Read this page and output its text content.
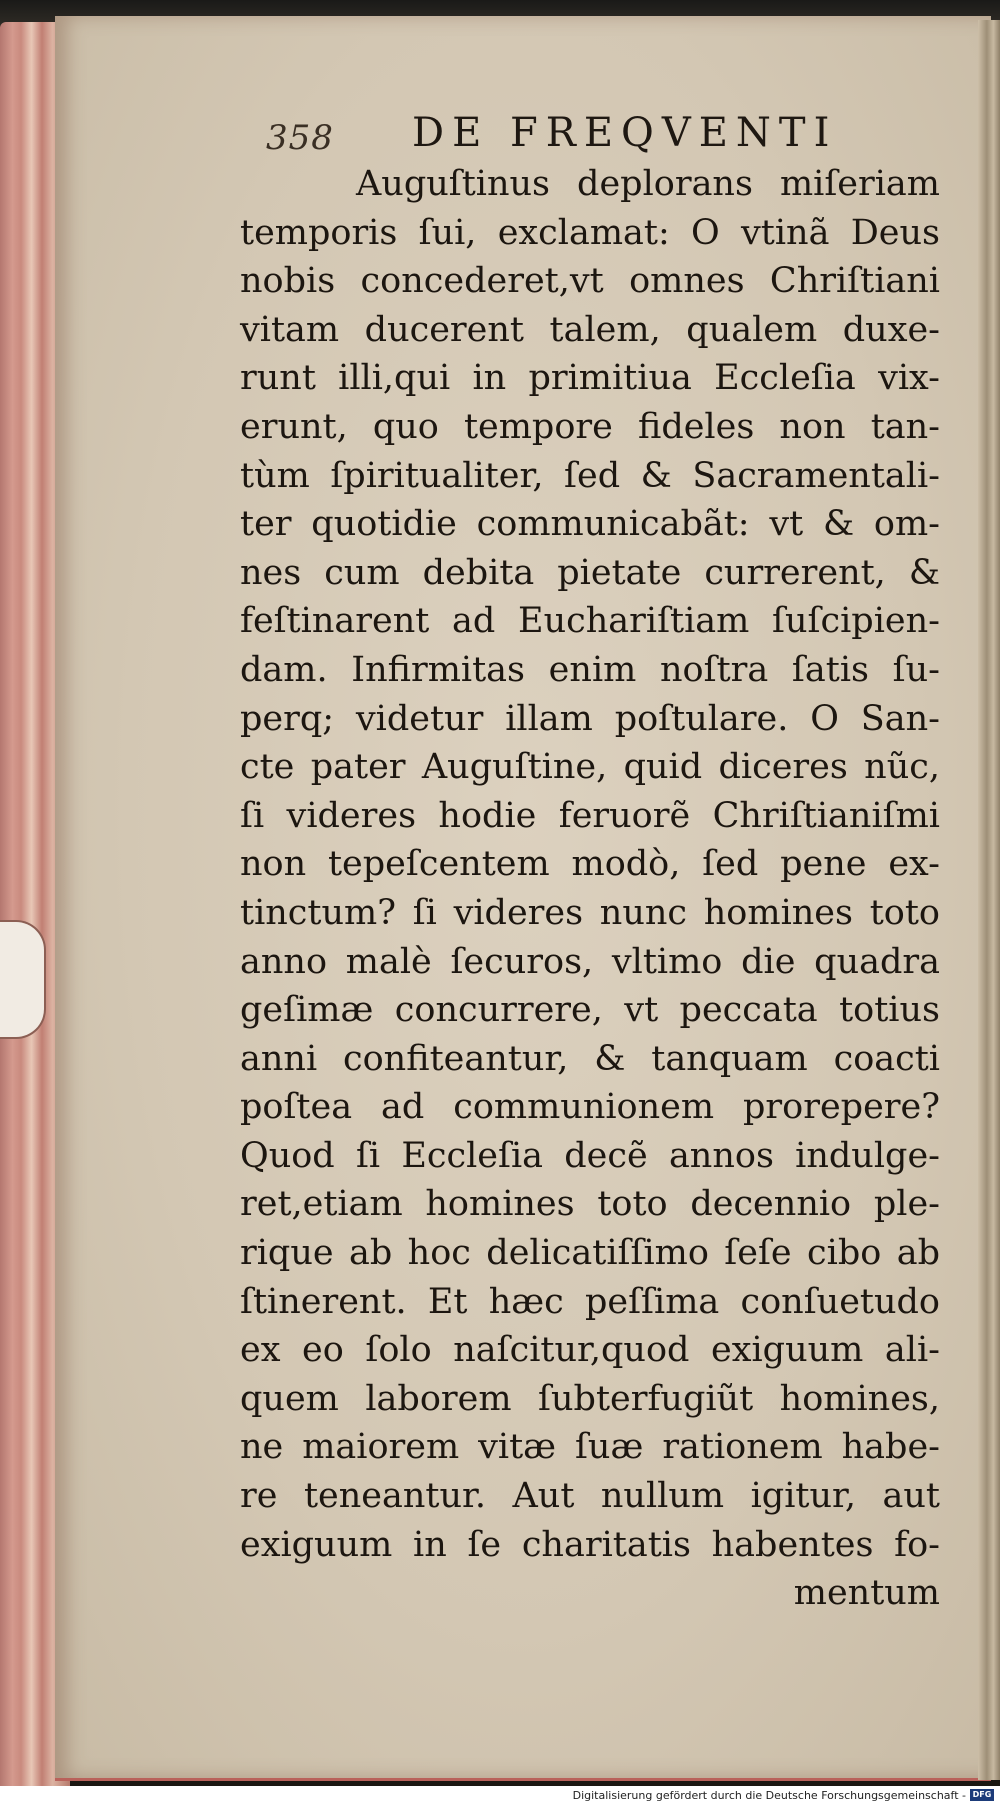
358 DE FREQVENTI
Auguſtinus deplorans miſeriam
temporis ſui, exclamat: O vtinã Deus
nobis concederet,vt omnes Chriſtiani
vitam ducerent talem, qualem duxe-
runt illi,qui in primitiua Eccleſia vix-
erunt, quo tempore fideles non tan-
tùm ſpiritualiter, ſed & Sacramentali-
ter quotidie communicabãt: vt & om-
nes cum debita pietate currerent, &
feſtinarent ad Euchariſtiam ſuſcipien-
dam. Infirmitas enim noſtra ſatis ſu-
perq; videtur illam poſtulare. O San-
cte pater Auguſtine, quid diceres nũc,
ſi videres hodie feruorẽ Chriſtianiſmi
non tepeſcentem modò, ſed pene ex-
tinctum? ſi videres nunc homines toto
anno malè ſecuros, vltimo die quadra
geſimæ concurrere, vt peccata totius
anni confiteantur, & tanquam coacti
poſtea ad communionem prorepere?
Quod ſi Eccleſia decẽ annos indulge-
ret,etiam homines toto decennio ple-
rique ab hoc delicatiſſimo ſeſe cibo ab
ſtinerent. Et hæc peſſima conſuetudo
ex eo ſolo naſcitur,quod exiguum ali-
quem laborem ſubterfugiũt homines,
ne maiorem vitæ ſuæ rationem habe-
re teneantur. Aut nullum igitur, aut
exiguum in ſe charitatis habentes fo-
mentum
Digitalisierung gefördert durch die Deutsche Forschungsgemeinschaft - DFG
